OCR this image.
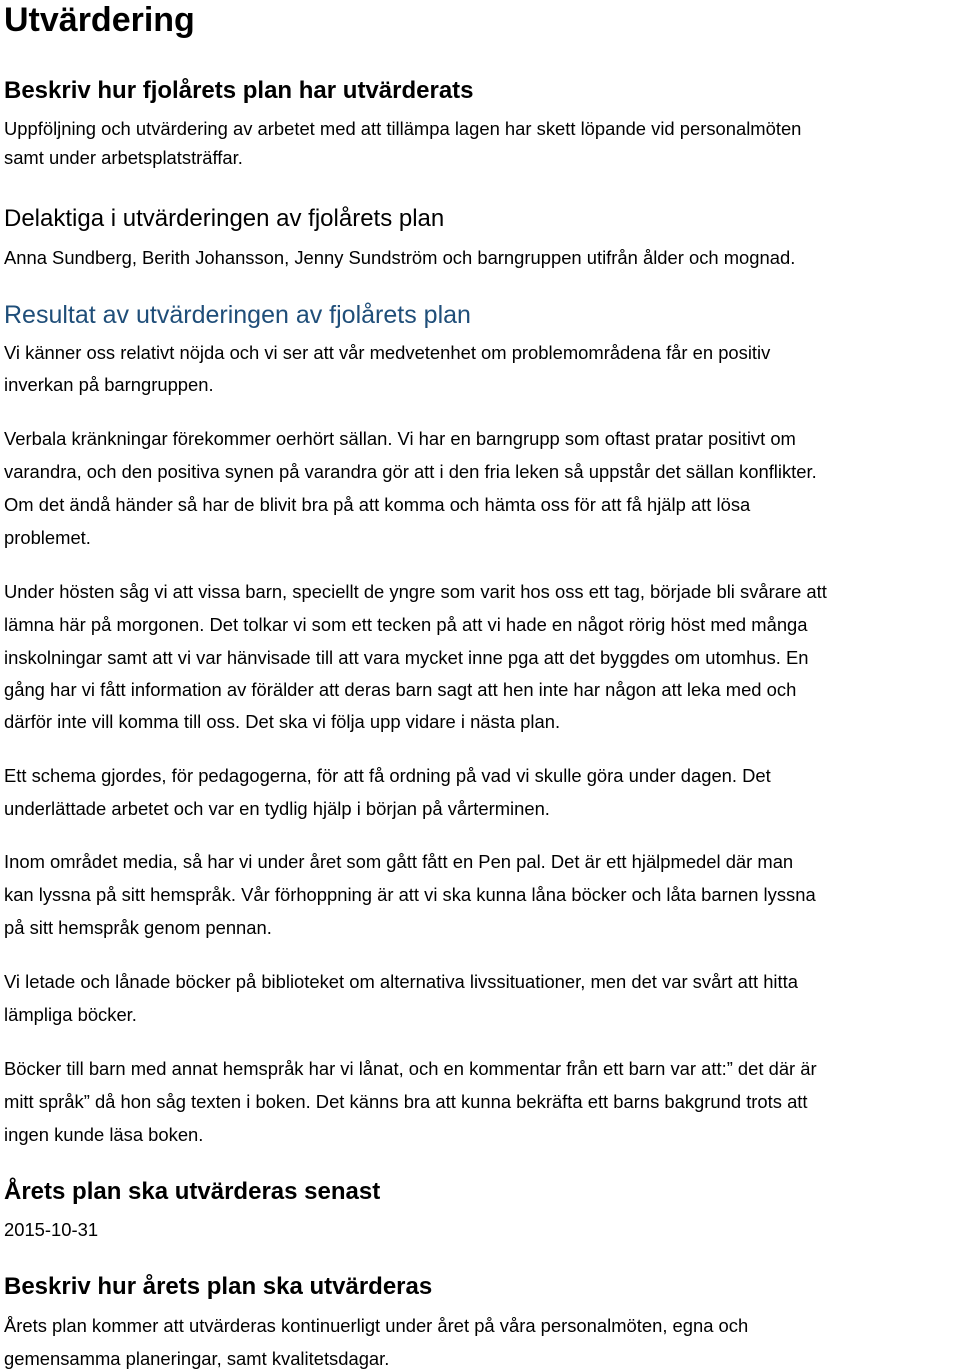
Utvärdering
Beskriv hur fjolårets plan har utvärderats

Uppföljning och utvärdering av arbetet med att tillämpa lagen har skett löpande vid personalmöten

samt under arbetsplatsträffar.

Delaktiga i utvärderingen av fjolårets plan

Anna Sundberg, Berith Johansson, Jenny Sundström och barngruppen utifrån ålder och mognad.

Resultat av utvärderingen av fjolårets plan

Vi känner oss relativt nöjda och vi ser att vår medvetenhet om problemområdena får en positiv

inverkan på barngruppen.

Verbala kränkningar förekommer oerhört sällan. Vi har en barngrupp som oftast pratar positivt om

varandra, och den positiva synen på varandra gör att i den fria leken så uppstår det sällan konflikter.

Om det ändå händer så har de blivit bra på att komma och hämta oss för att få hjälp att lösa

problemet.

Under hösten såg vi att vissa barn, speciellt de yngre som varit hos oss ett tag, började bli svårare att

lämna här på morgonen. Det tolkar vi som ett tecken på att vi hade en något rörig höst med många

inskolningar samt att vi var hänvisade till att vara mycket inne pga att det byggdes om utomhus. En

gång har vi fått information av förälder att deras barn sagt att hen inte har någon att leka med och

därför inte vill komma till oss. Det ska vi följa upp vidare i nästa plan.

Ett schema gjordes, för pedagogerna, för att få ordning på vad vi skulle göra under dagen. Det

underlättade arbetet och var en tydlig hjälp i början på vårterminen.

Inom området media, så har vi under året som gått fått en Pen pal. Det är ett hjälpmedel där man

kan lyssna på sitt hemspråk. Vår förhoppning är att vi ska kunna låna böcker och låta barnen lyssna

på sitt hemspråk genom pennan.

Vi letade och lånade böcker på biblioteket om alternativa livssituationer, men det var svårt att hitta

lämpliga böcker.

Böcker till barn med annat hemspråk har vi lånat, och en kommentar från ett barn var att:” det där är

mitt språk” då hon såg texten i boken. Det känns bra att kunna bekräfta ett barns bakgrund trots att

ingen kunde läsa boken.

Årets plan ska utvärderas senast

2015-10-31

Beskriv hur årets plan ska utvärderas

Årets plan kommer att utvärderas kontinuerligt under året på våra personalmöten, egna och

gemensamma planeringar, samt kvalitetsdagar.
